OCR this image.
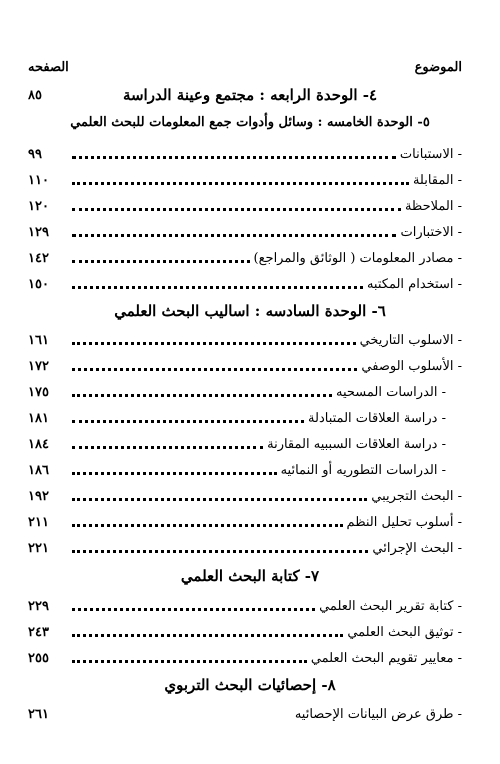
الموضوع
الصفحه
٤- الوحدة الرابعه : مجتمع وعينة الدراسة
٨٥
٥- الوحدة الخامسه : وسائل وأدوات جمع المعلومات للبحث العلمي
- الاستبانات
٩٩
- المقابلة
١١٠
- الملاحظة
١٢٠
- الاختبارات
١٢٩
- مصادر المعلومات ( الوثائق والمراجع)
١٤٢
- استخدام المكتبه
١٥٠
٦- الوحدة السادسه : اساليب البحث العلمي
- الاسلوب التاريخي
١٦١
- الأسلوب الوصفي
١٧٢
- الدراسات المسحيه
١٧٥
- دراسة العلاقات المتبادلة
١٨١
- دراسة العلاقات السببيه المقارنة
١٨٤
- الدراسات التطوريه أو النمائيه
١٨٦
- البحث التجريبي
١٩٢
- أسلوب تحليل النظم
٢١١
- البحث الإجرائي
٢٢١
٧- كتابة البحث العلمي
- كتابة تقرير البحث العلمي
٢٢٩
- توثيق البحث العلمي
٢٤٣
- معايير تقويم البحث العلمي
٢٥٥
٨- إحصائيات البحث التربوي
- طرق عرض البيانات الإحصائيه
٢٦١
